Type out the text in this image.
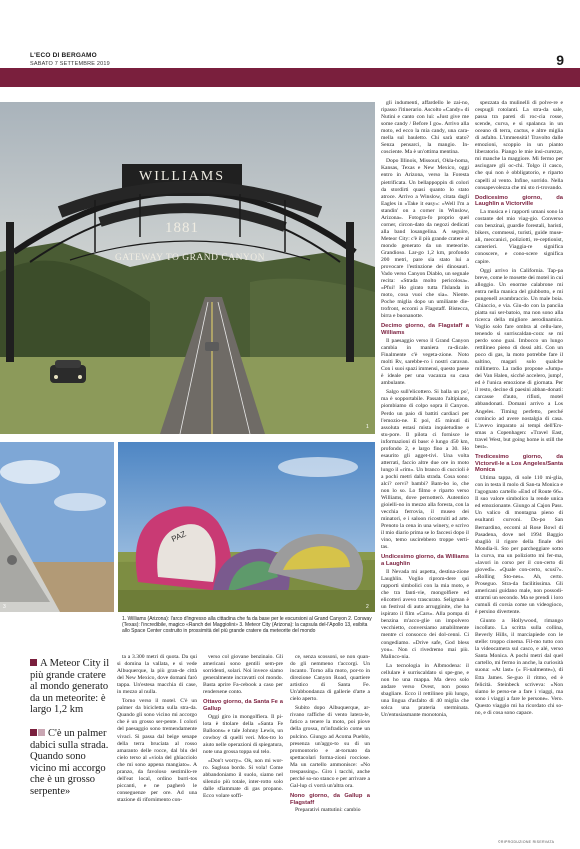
L'ECO DI BERGAMO
SABATO 7 SETTEMBRE 2019	9
WILLIAMS
1881
GATEWAY TO GRAND CANYON
PAZ
1
3	2
1. Williams (Arizona): l'arco d'ingresso alla cittadina che fa da base per le escursioni al Grand Canyon 2. Conway (Texas): l'incredibile, magico «Ranch dei Maggiolini» 3. Meteor City (Arizona): la capsula del-l'Apollo 13, esibita allo Space Center costruito in prossimità del più grande cratere da meteorite del mondo
A Meteor City il più grande cratere al mondo generato da un meteorite: è largo 1,2 km
C'è un palmer dabici sulla strada. Quando sono vicino mi accorgo che è un grosso serpente»

ta a 3.300 metri di quota. Da qui si domina la vallata, e si vede Albuquerque, la più gran-de città del New Mexico, dove domani farò tappa. Un'estesa macchia di case, in mezzo al nulla.

Torno verso il motel. C'è un palmer da bicicletta sulla stra-da. Quando gli sono vicino mi accorgo che è un grosso ser-pente. I colori del paesaggio sono tremendamente vivaci. Si passa dal beige senape della terra bruciata al rosso amaranto delle rocce, dal blu del cielo terso al «viola del ghiacciolo che mi sono appena mangiato». A pranzo, da favoloso sestimilo-re dell'eat local, ordino burri-tos piccanti, e ne pagherò le conseguenze per ore. Ad una stazione di rifornimento con-

verso col giovane benzinaio. Gli americani sono gentili sem-pre sorridenti, solari. Noi invece siamo generalmente incravatti col mondo. Basta aprire Fa-cebook a caso per rendersene conto.

Ottavo giorno, da Santa Fe a Gallup

Oggi giro in mongolfiera. Il pi-lota è titolare della «Santa Fe Balloons» e tale Johnny Lewis, un cowboy di quelli veri. Mos-tro lo aiuto nelle operazioni di spiegatura, note una grossa toppa sul telo.

«Don't worry». Ok, non mi wor-ro. Saglsoa bordo. Si vola! Come abbandoniamo il suolo, siamo nel silenzio più totale, inter-rotto solo dalle sfiammate di gas propano. Ecco volare soffi-

ce, senza scossoni, se non quan-do gli nemmeno t'accorgi. Un incanto. Torno alla moto, por-to in direzione Canyon Road, quartiere artistico di Santa Fe. Un'abbondanza di gallerie d'arte a cielo aperto.

Subito dopo Albuquerque, ar-rivano raffiche di vento latera-le, fatico a tenere la moto, poi piove della grossa, m'infradicio come un pulcino. Giungo ad Acoma Pueblo, presenza un'aggo-to su di un promontorio e at-tornato da spettacolari forma-zioni rocciose. Ma un cartello ammonisce: «No trespassing». Giro i tacchi, anche perché so-no stanco e per arrivare a Gal-lup ci vorrà un'altra ora.

Nono giorno, da Gallup a Flagstaff

Preparativi mattutini: cambio

gli indumenti, affardello le zai-no, ripasso l'itinerario. Ascolto «Candy» di Nutini e canto con lui: «Just give me some candy / Before I go». Arrivo alla moto, ed ecco la mia candy, una cara-mella sul bauletto. Chi sarà stato? Senza pensarci, la mangio. In-cosciente. Ma è un'ottima mentina.

Dopo Illinois, Missouri, Okla-homa, Kansas, Texas e New Mexico, oggi entro in Arizona, verso la Foresta pietrificata. Un bellappoppin di colori da stordirti quasi quanto lo stato atroce. Arrivo a Winslow, citata dagli Eagles in «Take it easy»: «Well I'm a standin' on a corner in Winslow, Arizona». Fotogra-fo proprio quel corner, circon-dato da negozi dedicati alla band losangelina. A seguire, Meteor City: c'è il più grande cratere al mondo generato da un meteorite. Grandioso. Lar-go 1,2 km, profondo 200 metri, pare sia stato lui a provocare l'estinzione dei dinosauri. Vado verso Canyon Diablo, un segnale recita: «Strada molto pericolosa». «Pfui! Ho girato tutta l'Islanda in moto, cosa vuoi che sia». Niente. Poche miglia dopo un umiliante die-trofront, eccomi a Flagstaff. Bistecca, birra e buonanotte.

Decimo giorno, da Flagstaff a Williams

Il paesaggio verso il Grand Canyon cambia in maniera ra-dicale. Finalmente c'è vegeta-zione. Noto molti Rv, sarebbe-ro i nostri caravan. Con i suoi spazi immensi, questo paese è ideale per una vacanza su casa ambulante.

Salgo sull'elicottero. Si balla un po', ma è sopportabile. Passato l'altipiano, piombiamo di colpo sopra il Canyon. Perdo un paio di battiti cardiaci per l'emozio-ne. E poi, 45 minuti di assoluta estasi mista inquietudine e stu-pore. Il pilota ci fornisce le informazioni di base: è lungo 450 km, profondo 2, e largo fino a 30. Ho esaurito gli agget-tivi. Una volta atterrati, faccio altre due ore in moto lungo il «rim». Un branco di cuccioli è a pochi metri dalla strada. Cosa sono: alci? cervi? bambi? Bam-bo io, che non lo so. Lo filmo e riparto verso Williams, dove pernotterò. Autentico gioielli-no in mezzo alla foresta, con la vecchia ferrovia, il museo dei minatori, e i saloon ricostruiti ad arte. Prenoto la cena in una winery, e scrivo il mio diario prima se lo faccesi dopo il vino, temo uscirebbero troppe verti-tas.

Undicesimo giorno, da Williams a Laughlin

Il Nevada mi aspetta, destina-zione Laughlin. Voglio riprom-dere qui rapporti simbolici con la mia moto, e che tra fanti-vie, mongolfiere ed elicotteri avevo trascurato. Seligman è un festival di auto arrugginite, che ha ispirato il film «Cars». Alla pompa di benzina m'acco-glie un impolvero vecchietto, conversiamo amabilmente mentre ci consocco dei dol-cenni. Ci congediamo. «Drive safe, God bless you». Non ci rivedremo mai più. Malinco-nia.

La tecnologia in Albmodena: il cellulare è surriscaldato si spe-gne, e non ho una mappa. Ma devo solo andare verso Ovest, non posso sbagliare. Ecco il rettilineo più lungo, una lingua d'asfalto di 40 miglia che solca una prateria sterminata. Un'entusiasmante monotonia,

spezzata da mulinelli di polve-re e cespugli rotolanti. La stra-da sale, passa tra pareti di roc-cia rosse, scende, curva, e si spalanca in un oceano di terra, cactus, e altre miglia di asfalto. L'immensità! Travolto dalle emozioni, scoppio in un pianto liberatorio. Piango le mie insi-curezze, mi manche la maggiore. Mi fermo per asciugare gli oc-chi. Tolgo il casco, che qui non è obbligatorio, e riparto capelli al vento. Infine, sorrido. Nella consapevolezza che mi sto ri-trovando.

Dodicesimo giorno, da Laughlin a Victorville

La musica e i rapporti umani sono la costante del mio viag-gio. Converso con benzinai, guardie forestali, baristi, bikers, commessi, turisti, guide muse-ali, meccanici, poliziotti, re-ceptionist, camerieri. Viaggia-re significa conoscere, e cono-scere significa capire.

Oggi arrivo in California. Tap-pa breve, come le mosette dei motel in cui alloggio. Un enorme calabrone mi entra nella manica del giubbotto, e mi pungeneIl avambraccio. Un male boia. Ghiaccio, e via. Giu-do con la panciia piatta sui ser-batoio, ma non sono alla ricerca della migliore aerodinamica. Voglio solo fare ombra al cellu-lare, tenendo sì surriscaldan-cora: se mi perdo sono guai. Imbocco un lungo rettilineo pieno di dossi alti. Con un poco di gas, la moto potrebbe fare il saltino, magari solo qualche millimetro. La radio propone «Jump» dei Van Halen, sicché accelero, jump!, ed è l'unica emozione di giornata. Per il resto, decine di paesini abban-donati: carcasse d'auto, rifiuti, motel abbandonati. Domani arrivo a Los Angeles. Timing perfetto, perché comincio ad avere nostalgia di casa. L'avevo imparato ai tempi dell'Ers-smas a Copenhagen: «Travel East, travel West, but going home is still the best».

Tredicesimo giorno, da Victorvil-le a Los Angeles/Santa Monica

Ultima tappa, di sole 110 mi-glia, con in testa il molo di San-ta Monica e l'agognato cartello «End of Route 66». Il suo valore simbolico la rende unica ed emozionante. Giungo al Cajon Pass. Un valico di montagna pieno di esultanti curvoni. Do-po San Bernardino, eccomi al Rose Bowl di Pasadena, dove nel 1994 Baggio sbagliò il rigore della finale dei Mondia-li. Sto per parcheggiare sotto la curva, ma un poliziotto mi fer-ma, «lavori in corso per il con-certo di giovedì». «Quale con-certo, scusi?». «Rolling Sto-nes». Ah, certo. Proseguo. Stra-da facilitissima. Gli americani guidano male, non possodi-strarmi un secondo. Ma se prendi i loro cumuli di corsia come un videogioco, è persino divertente.

Giunto a Hollywood, rimango incollato. La scritta sulla collina, Beverly Hills, il marciapiede con le stelle: troppo cinema. Fil-mo tutto con la videocamera sul casco, e alé, verso Santa Monica. A pochi metri dal quel cartello, mi fermo in anche, la curiosità suona: «At last» (« Fi-nalmente»), di Etta James. Se-guo il ritmo, ed è felicità. Steinbeck scriveva: «Non siamo le perso-ne a fare i viaggi, ma sono i viaggi a fare le persone». Vero. Questo viaggio mi ha ricordato chi so-no, e di cosa sono capace.

©RIPRODUZIONE RISERVATA
